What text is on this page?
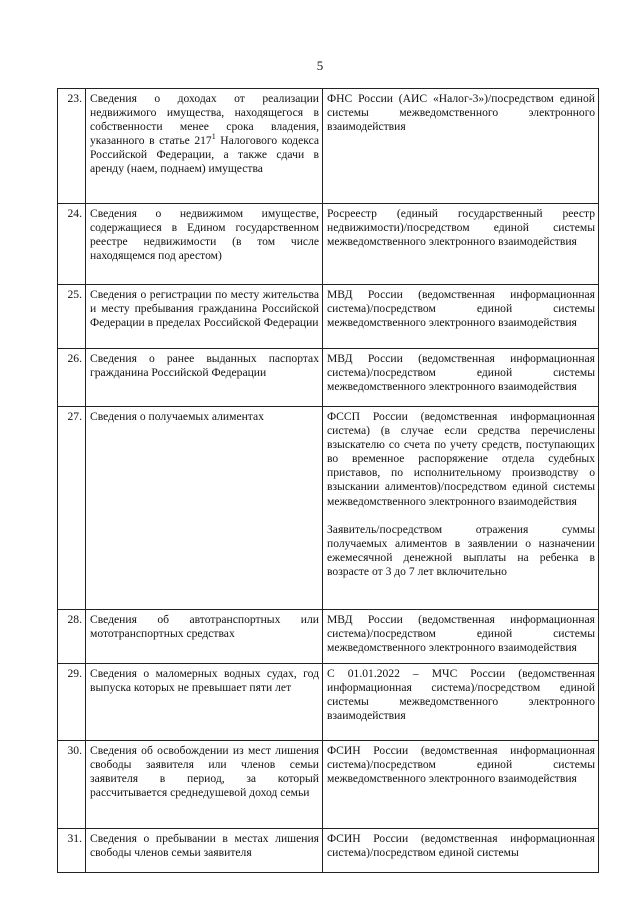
5
23.	Сведения о доходах от реализации недвижимого имущества, находящегося в собственности менее срока владения, указанного в статье $217^1$ Налогового кодекса Российской Федерации, а также сдачи в аренду (наем, поднаем) имущества	ФНС России (АИС «Налог-3»)/посредством единой системы межведомственного электронного взаимодействия
24.	Сведения о недвижимом имуществе, содержащиеся в Едином государственном реестре недвижимости (в том числе находящемся под арестом)	Росреестр (единый государственный реестр недвижимости)/посредством единой системы межведомственного электронного взаимодействия
25.	Сведения о регистрации по месту жительства и месту пребывания гражданина Российской Федерации в пределах Российской Федерации	МВД России (ведомственная информационная система)/посредством единой системы межведомственного электронного взаимодействия
26.	Сведения о ранее выданных паспортах гражданина Российской Федерации	МВД России (ведомственная информационная система)/посредством единой системы межведомственного электронного взаимодействия
27.	Сведения о получаемых алиментах	ФССП России (ведомственная информационная система) (в случае если средства перечислены взыскателю со счета по учету средств, поступающих во временное распоряжение отдела судебных приставов, по исполнительному производству о взыскании алиментов)/посредством единой системы межведомственного электронного взаимодействия
Заявитель/посредством отражения суммы получаемых алиментов в заявлении о назначении ежемесячной денежной выплаты на ребенка в возрасте от 3 до 7 лет включительно

28.	Сведения об автотранспортных или мототранспортных средствах	МВД России (ведомственная информационная система)/посредством единой системы межведомственного электронного взаимодействия
29.	Сведения о маломерных водных судах, год выпуска которых не превышает пяти лет	С 01.01.2022 – МЧС России (ведомственная информационная система)/посредством единой системы межведомственного электронного взаимодействия
30.	Сведения об освобождении из мест лишения свободы заявителя или членов семьи заявителя в период, за который рассчитывается среднедушевой доход семьи	ФСИН России (ведомственная информационная система)/посредством единой системы межведомственного электронного взаимодействия
31.	Сведения о пребывании в местах лишения свободы членов семьи заявителя	ФСИН России (ведомственная информационная система)/посредством единой системы
